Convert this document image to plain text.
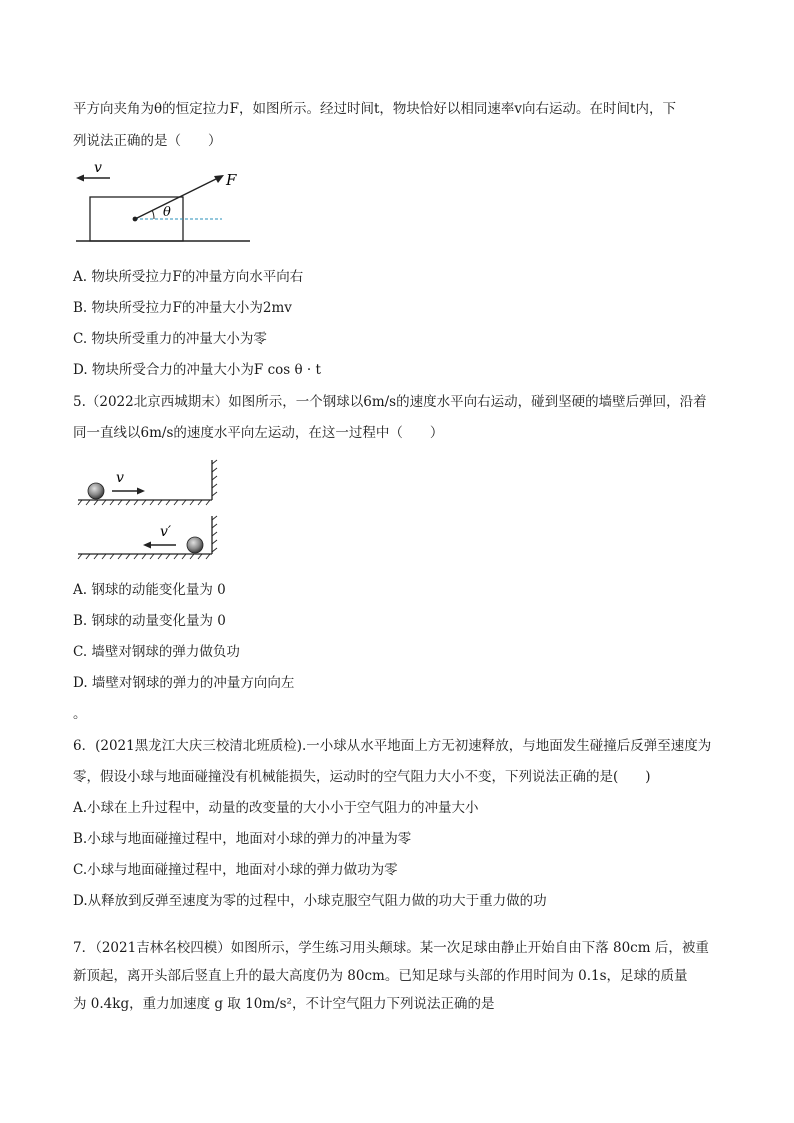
平方向夹角为θ的恒定拉力F，如图所示。经过时间t，物块恰好以相同速率v向右运动。在时间t内，下
列说法正确的是（　　）
v
F
θ
A. 物块所受拉力F的冲量方向水平向右
B. 物块所受拉力F的冲量大小为2mv
C. 物块所受重力的冲量大小为零
D. 物块所受合力的冲量大小为F cos θ · t
5.（2022北京西城期末）如图所示，一个钢球以6m/s的速度水平向右运动，碰到坚硬的墙壁后弹回，沿着
同一直线以6m/s的速度水平向左运动，在这一过程中（　　）
v
v′
A. 钢球的动能变化量为 0
B. 钢球的动量变化量为 0
C. 墙壁对钢球的弹力做负功
D. 墙壁对钢球的弹力的冲量方向向左
。
6．(2021黑龙江大庆三校清北班质检).一小球从水平地面上方无初速释放，与地面发生碰撞后反弹至速度为
零，假设小球与地面碰撞没有机械能损失，运动时的空气阻力大小不变，下列说法正确的是(　　)
A.小球在上升过程中，动量的改变量的大小小于空气阻力的冲量大小
B.小球与地面碰撞过程中，地面对小球的弹力的冲量为零
C.小球与地面碰撞过程中，地面对小球的弹力做功为零
D.从释放到反弹至速度为零的过程中，小球克服空气阻力做的功大于重力做的功
7．（2021吉林名校四模）如图所示，学生练习用头颠球。某一次足球由静止开始自由下落 80cm 后，被重
新顶起，离开头部后竖直上升的最大高度仍为 80cm。已知足球与头部的作用时间为 0.1s，足球的质量
为 0.4kg，重力加速度 g 取 10m/s²，不计空气阻力下列说法正确的是
